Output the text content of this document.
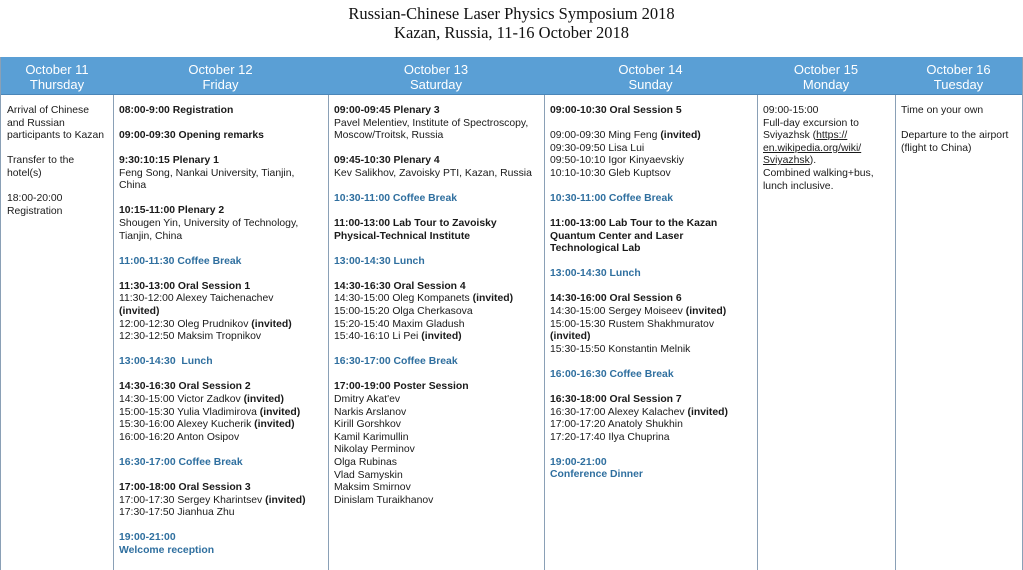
Russian-Chinese Laser Physics Symposium 2018
Kazan, Russia, 11-16 October 2018
October 11
Thursday
Arrival of Chinese and Russian participants to Kazan
Transfer to the hotel(s)
18:00-20:00
Registration
October 12
Friday
08:00-9:00 Registration
09:00-09:30 Opening remarks
9:30:10:15 Plenary 1
Feng Song, Nankai University, Tianjin, China
10:15-11:00 Plenary 2
Shougen Yin, University of Technology, Tianjin, China
11:00-11:30 Coffee Break
11:30-13:00 Oral Session 1
11:30-12:00 Alexey Taichenachev
(invited)
12:00-12:30 Oleg Prudnikov (invited)
12:30-12:50 Maksim Tropnikov
13:00-14:30  Lunch
14:30-16:30 Oral Session 2
14:30-15:00 Victor Zadkov (invited)
15:00-15:30 Yulia Vladimirova (invited)
15:30-16:00 Alexey Kucherik (invited)
16:00-16:20 Anton Osipov
16:30-17:00 Coffee Break
17:00-18:00 Oral Session 3
17:00-17:30 Sergey Kharintsev (invited)
17:30-17:50 Jianhua Zhu
19:00-21:00
Welcome reception
October 13
Saturday
09:00-09:45 Plenary 3
Pavel Melentiev, Institute of Spectroscopy, Moscow/Troitsk, Russia
09:45-10:30 Plenary 4
Kev Salikhov, Zavoisky PTI, Kazan, Russia
10:30-11:00 Coffee Break
11:00-13:00 Lab Tour to Zavoisky Physical-Technical Institute
13:00-14:30 Lunch
14:30-16:30 Oral Session 4
14:30-15:00 Oleg Kompanets (invited)
15:00-15:20 Olga Cherkasova
15:20-15:40 Maxim Gladush
15:40-16:10 Li Pei (invited)
16:30-17:00 Coffee Break
17:00-19:00 Poster Session
Dmitry Akat'ev
Narkis Arslanov
Kirill Gorshkov
Kamil Karimullin
Nikolay Perminov
Olga Rubinas
Vlad Samyskin
Maksim Smirnov
Dinislam Turaikhanov
October 14
Sunday
09:00-10:30 Oral Session 5
09:00-09:30 Ming Feng (invited)
09:30-09:50 Lisa Lui
09:50-10:10 Igor Kinyaevskiy
10:10-10:30 Gleb Kuptsov
10:30-11:00 Coffee Break
11:00-13:00 Lab Tour to the Kazan Quantum Center and Laser Technological Lab
13:00-14:30 Lunch
14:30-16:00 Oral Session 6
14:30-15:00 Sergey Moiseev (invited)
15:00-15:30 Rustem Shakhmuratov
(invited)
15:30-15:50 Konstantin Melnik
16:00-16:30 Coffee Break
16:30-18:00 Oral Session 7
16:30-17:00 Alexey Kalachev (invited)
17:00-17:20 Anatoly Shukhin
17:20-17:40 Ilya Chuprina
19:00-21:00
Conference Dinner
October 15
Monday
09:00-15:00
Full-day excursion to Sviyazhsk (https://
en.wikipedia.org/wiki/
Sviyazhsk).
Combined walking+bus, lunch inclusive.
October 16
Tuesday
Time on your own
Departure to the airport
(flight to China)
